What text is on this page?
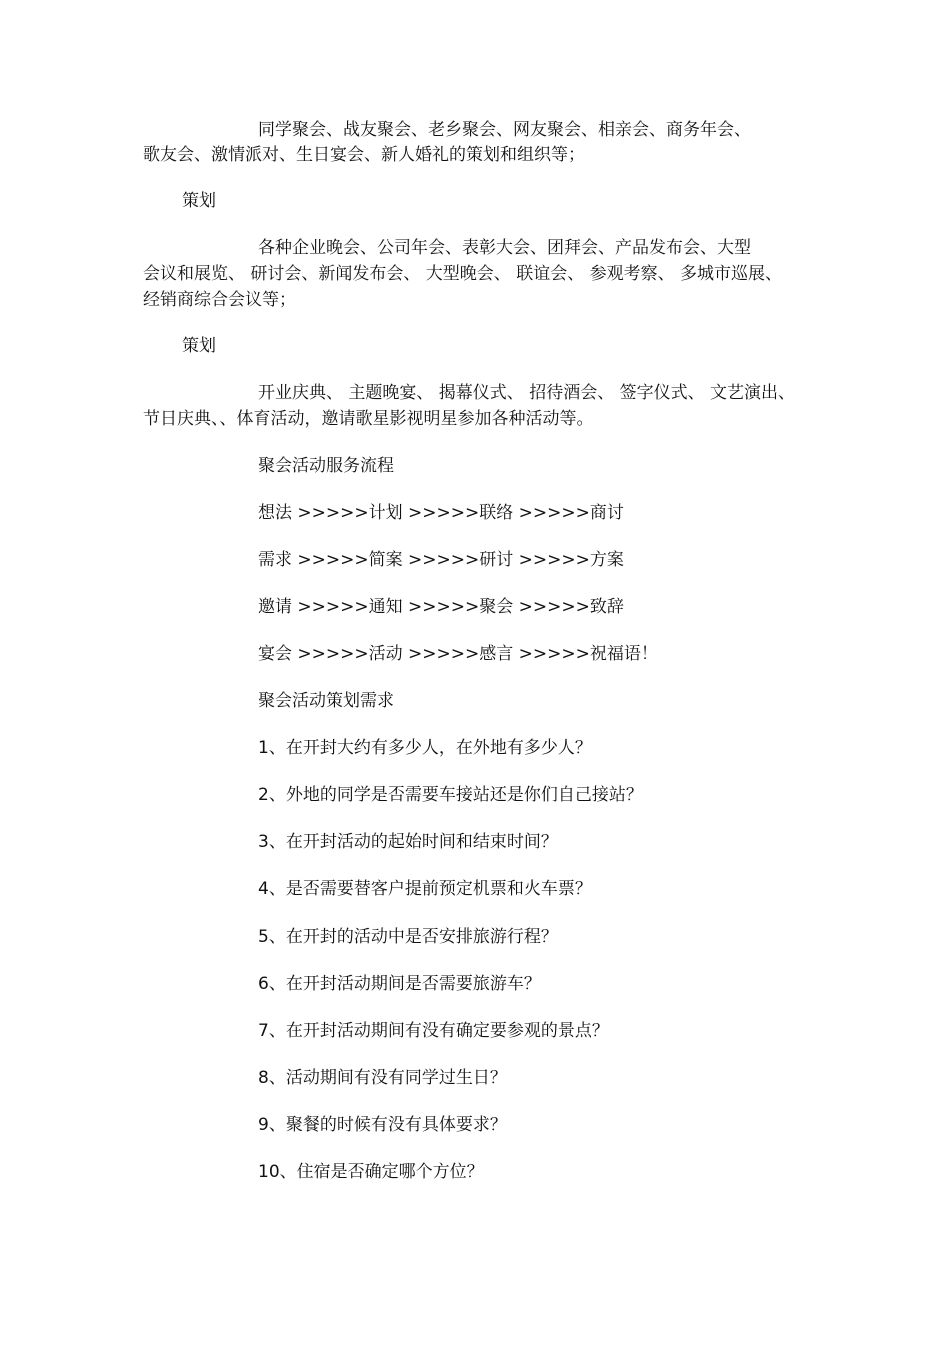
同学聚会、战友聚会、老乡聚会、网友聚会、相亲会、商务年会、
歌友会、激情派对、生日宴会、新人婚礼的策划和组织等；
策划
各种企业晚会、公司年会、表彰大会、团拜会、产品发布会、大型
会议和展览、 研讨会、新闻发布会、 大型晚会、 联谊会、 参观考察、 多城市巡展、
经销商综合会议等；
策划
开业庆典、 主题晚宴、 揭幕仪式、 招待酒会、 签字仪式、 文艺演出、
节日庆典、、体育活动，邀请歌星影视明星参加各种活动等。
聚会活动服务流程
想法 >>>>>计划 >>>>>联络 >>>>>商讨
需求 >>>>>简案 >>>>>研讨 >>>>>方案
邀请 >>>>>通知 >>>>>聚会 >>>>>致辞
宴会 >>>>>活动 >>>>>感言 >>>>>祝福语！
聚会活动策划需求
1、在开封大约有多少人，在外地有多少人？
2、外地的同学是否需要车接站还是你们自己接站？
3、在开封活动的起始时间和结束时间？
4、是否需要替客户提前预定机票和火车票？
5、在开封的活动中是否安排旅游行程？
6、在开封活动期间是否需要旅游车？
7、在开封活动期间有没有确定要参观的景点？
8、活动期间有没有同学过生日？
9、聚餐的时候有没有具体要求？
10、住宿是否确定哪个方位？
